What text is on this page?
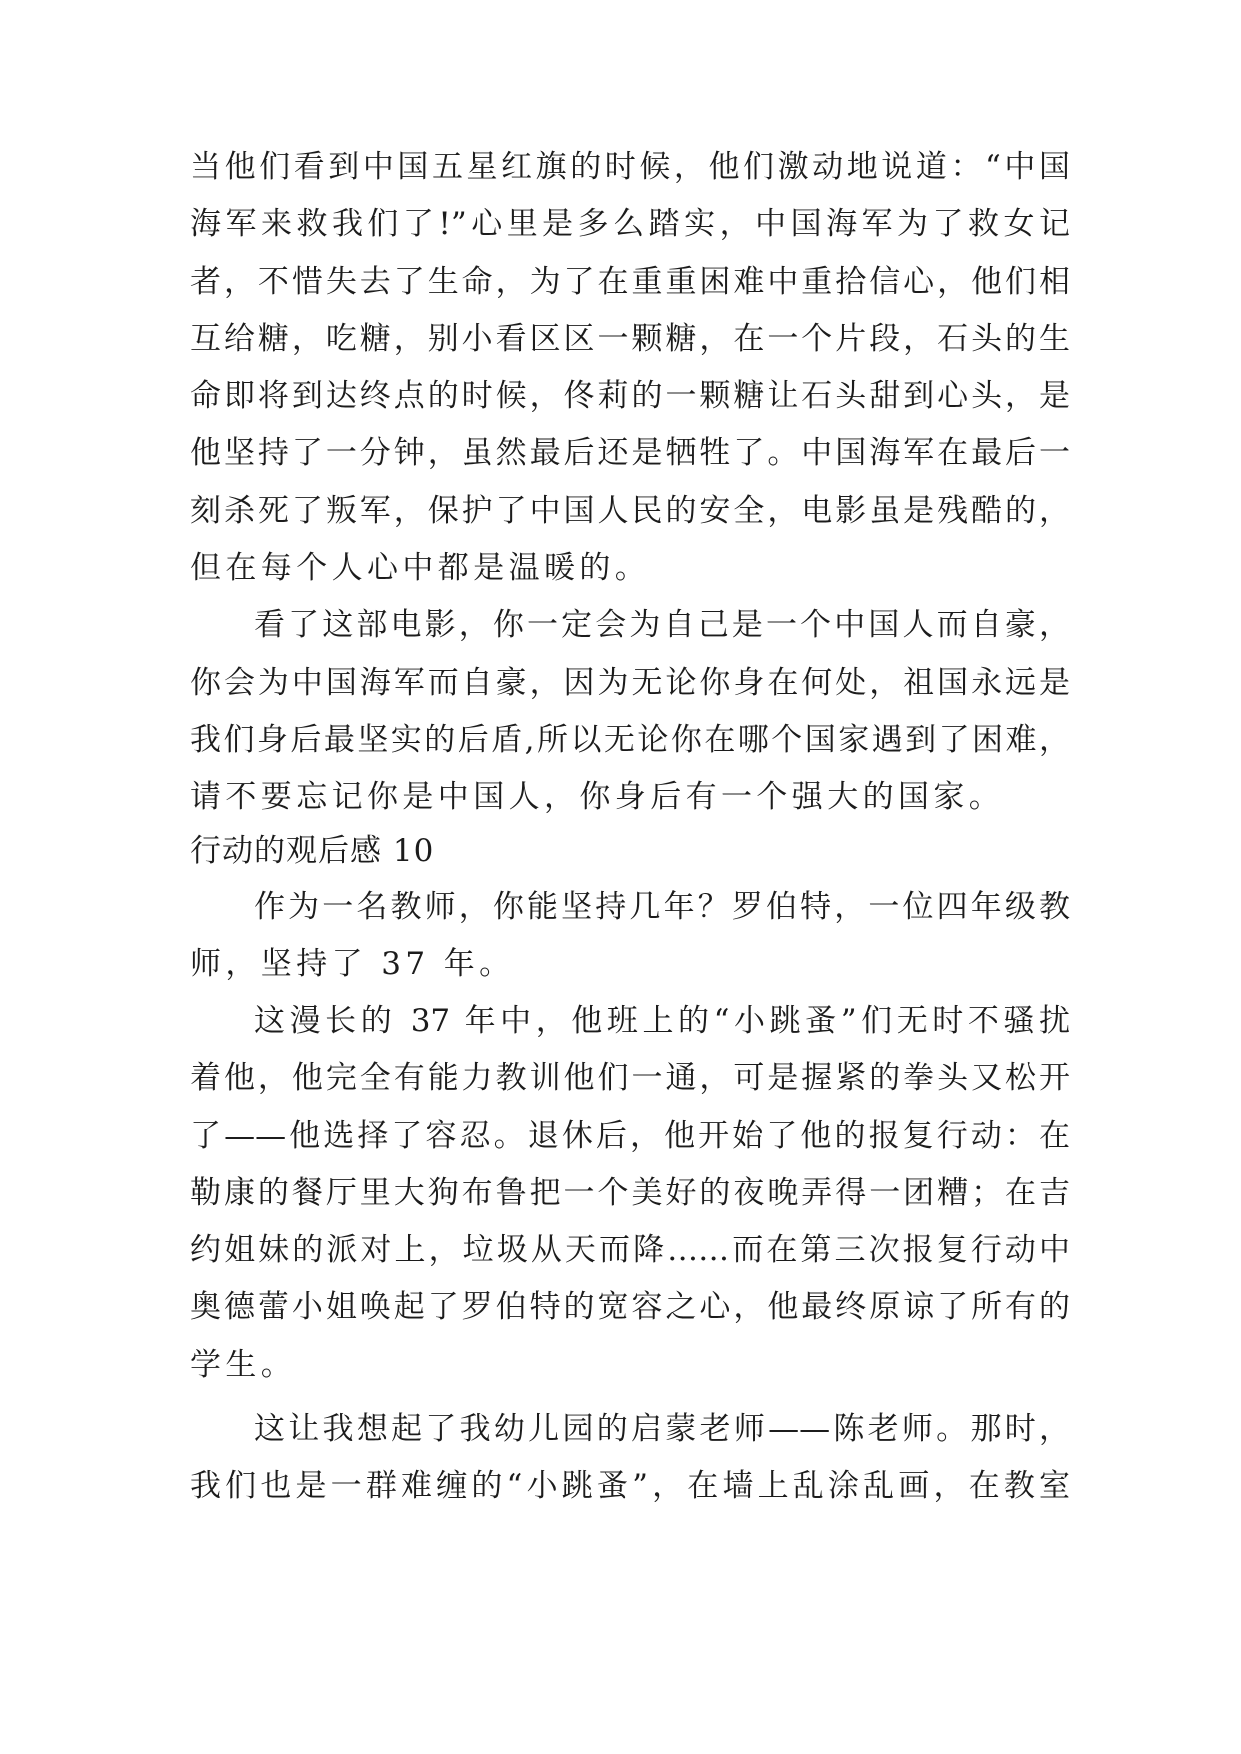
当他们看到中国五星红旗的时候，他们激动地说道：“中国
海军来救我们了!”心里是多么踏实，中国海军为了救女记
者，不惜失去了生命，为了在重重困难中重拾信心，他们相
互给糖，吃糖，别小看区区一颗糖，在一个片段，石头的生
命即将到达终点的时候，佟莉的一颗糖让石头甜到心头，是
他坚持了一分钟，虽然最后还是牺牲了。中国海军在最后一
刻杀死了叛军，保护了中国人民的安全，电影虽是残酷的，
但在每个人心中都是温暖的。
看了这部电影，你一定会为自己是一个中国人而自豪，
你会为中国海军而自豪，因为无论你身在何处，祖国永远是
我们身后最坚实的后盾,所以无论你在哪个国家遇到了困难，
请不要忘记你是中国人，你身后有一个强大的国家。
行动的观后感 10
作为一名教师，你能坚持几年？罗伯特，一位四年级教
师，坚持了 37 年。
这漫长的 37 年中，他班上的“小跳蚤”们无时不骚扰
着他，他完全有能力教训他们一通，可是握紧的拳头又松开
了——他选择了容忍。退休后，他开始了他的报复行动：在
勒康的餐厅里大狗布鲁把一个美好的夜晚弄得一团糟；在吉
约姐妹的派对上，垃圾从天而降……而在第三次报复行动中
奥德蕾小姐唤起了罗伯特的宽容之心，他最终原谅了所有的
学生。
这让我想起了我幼儿园的启蒙老师——陈老师。那时，
我们也是一群难缠的“小跳蚤”，在墙上乱涂乱画，在教室
